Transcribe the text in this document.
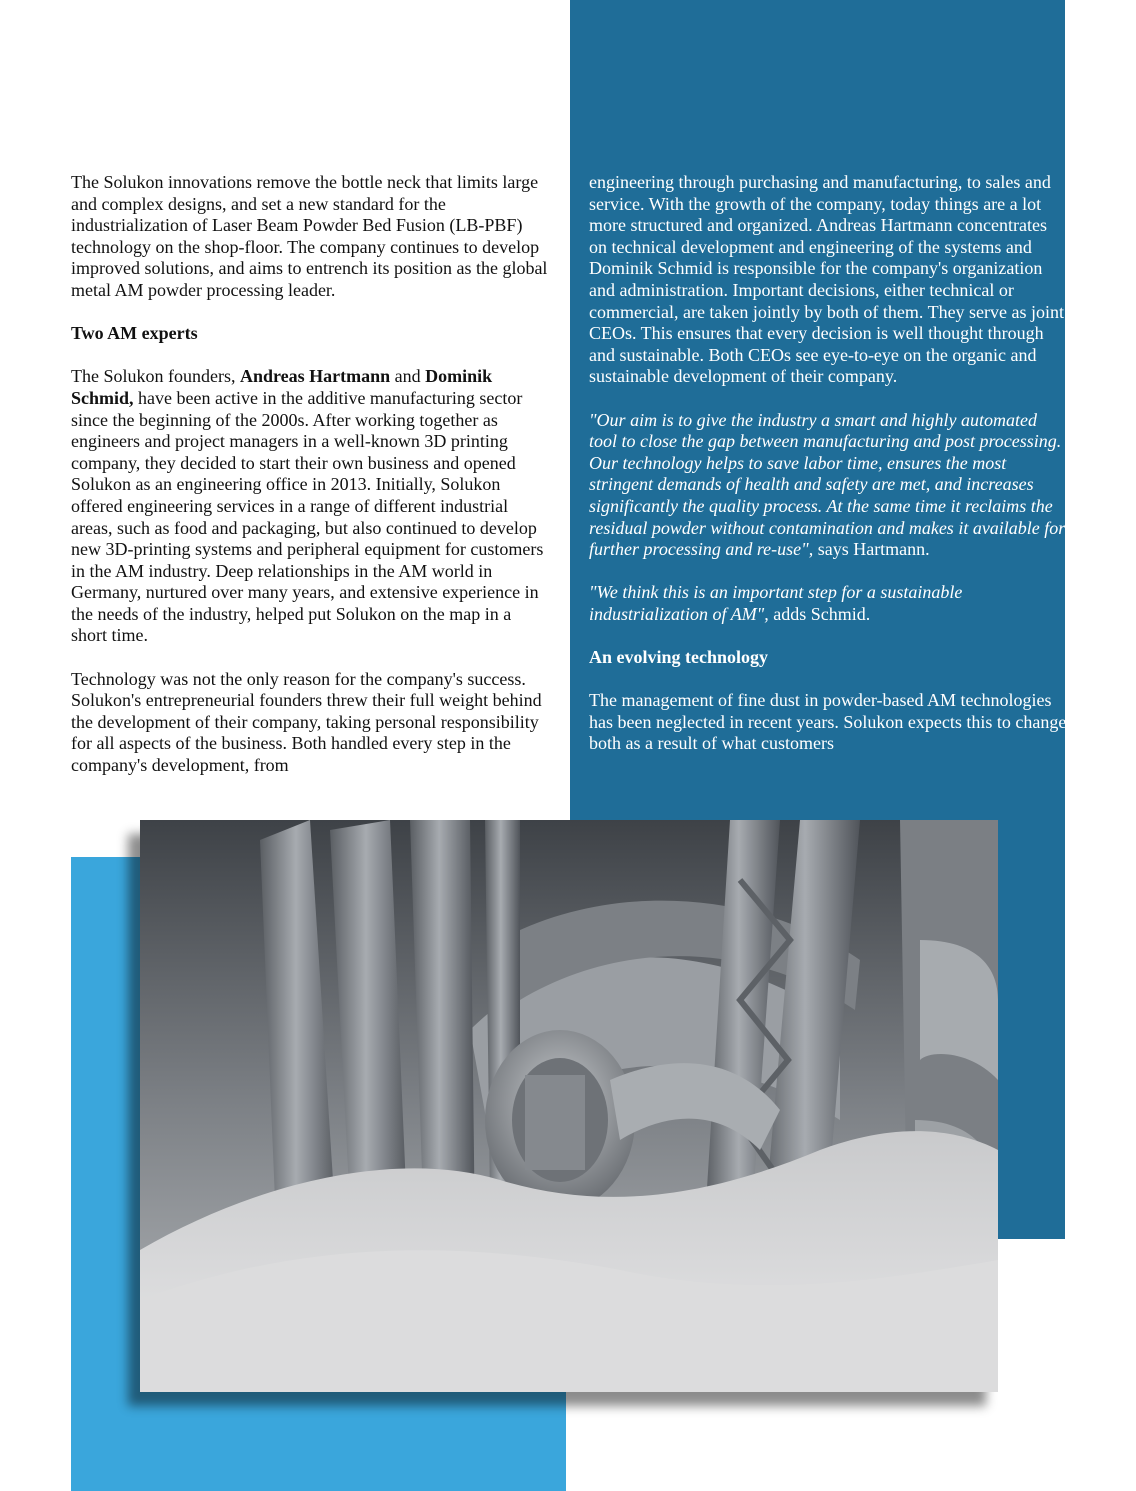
The Solukon innovations remove the bottle neck that limits large and complex designs, and set a new standard for the industrialization of Laser Beam Powder Bed Fusion (LB-PBF) technology on the shop-floor. The company continues to develop improved solutions, and aims to entrench its position as the global metal AM powder processing leader.

Two AM experts

The Solukon founders, Andreas Hartmann and Dominik Schmid, have been active in the additive manufacturing sector since the beginning of the 2000s. After working together as engineers and project managers in a well-known 3D printing company, they decided to start their own business and opened Solukon as an engineering office in 2013. Initially, Solukon offered engineering services in a range of different industrial areas, such as food and packaging, but also continued to develop new 3D-printing systems and peripheral equipment for customers in the AM industry. Deep relationships in the AM world in Germany, nurtured over many years, and extensive experience in the needs of the industry, helped put Solukon on the map in a short time.

Technology was not the only reason for the company's success. Solukon's entrepreneurial founders threw their full weight behind the development of their company, taking personal responsibility for all aspects of the business. Both handled every step in the company's development, from

engineering through purchasing and manufacturing, to sales and service. With the growth of the company, today things are a lot more structured and organized. Andreas Hartmann concentrates on technical development and engineering of the systems and Dominik Schmid is responsible for the company's organization and administration. Important decisions, either technical or commercial, are taken jointly by both of them. They serve as joint CEOs. This ensures that every decision is well thought through and sustainable. Both CEOs see eye-to-eye on the organic and sustainable development of their company.

"Our aim is to give the industry a smart and highly automated tool to close the gap between manufacturing and post processing. Our technology helps to save labor time, ensures the most stringent demands of health and safety are met, and increases significantly the quality process. At the same time it reclaims the residual powder without contamination and makes it available for further processing and re-use", says Hartmann.

"We think this is an important step for a sustainable industrialization of AM", adds Schmid.

An evolving technology

The management of fine dust in powder-based AM technologies has been neglected in recent years. Solukon expects this to change both as a result of what customers
